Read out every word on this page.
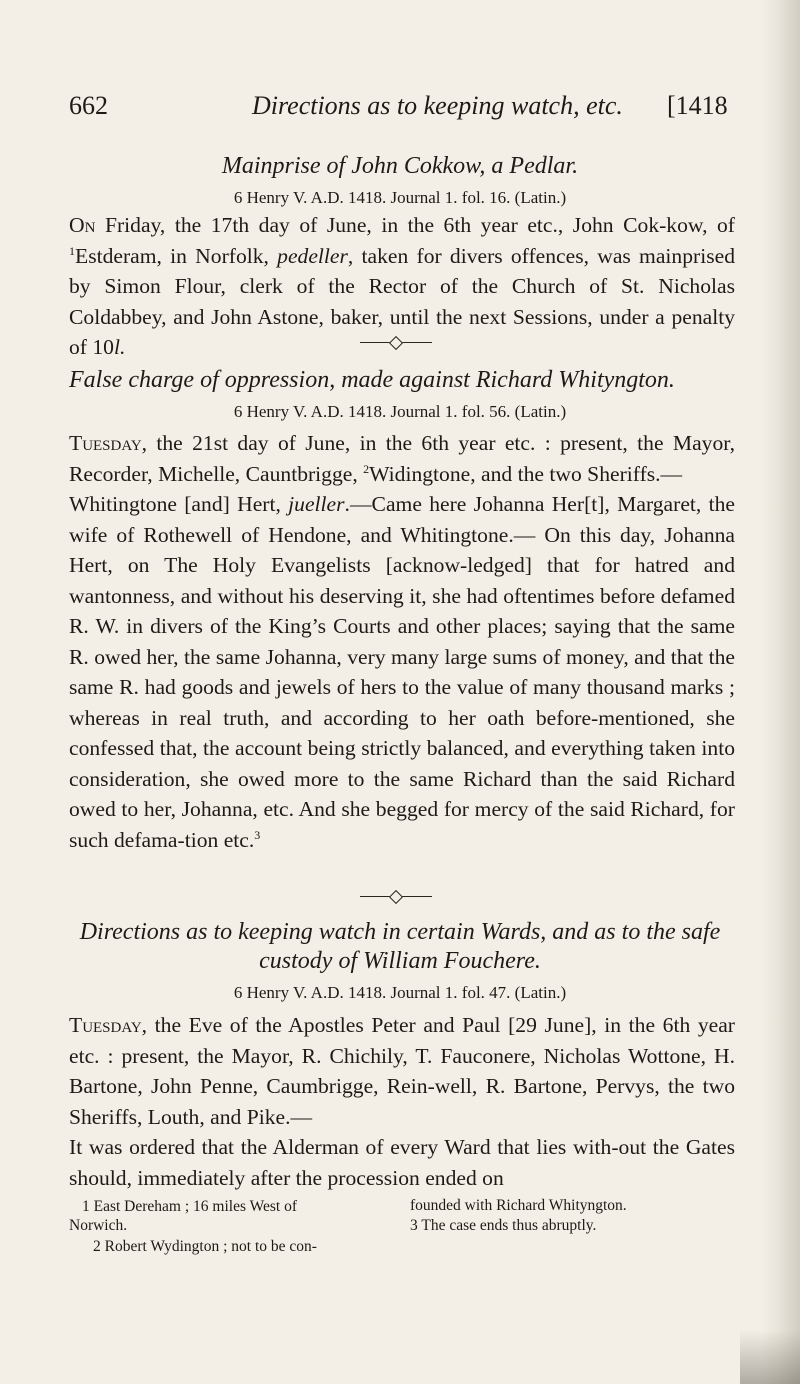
662	Directions as to keeping watch, etc. [1418
Mainprise of John Cokkow, a Pedlar.
6 Henry V. A.D. 1418. Journal 1. fol. 16. (Latin.)

On Friday, the 17th day of June, in the 6th year etc., John Cok-kow, of $^1$Estderam, in Norfolk, pedeller, taken for divers offences, was mainprised by Simon Flour, clerk of the Rector of the Church of St. Nicholas Coldabbey, and John Astone, baker, until the next Sessions, under a penalty of 10l.

False charge of oppression, made against Richard Whityngton.
6 Henry V. A.D. 1418. Journal 1. fol. 56. (Latin.)

Tuesday, the 21st day of June, in the 6th year etc. : present, the Mayor, Recorder, Michelle, Cauntbrigge, $^2$Widingtone, and the two Sheriffs.—

Whitingtone [and] Hert, jueller.—Came here Johanna Her[t], Margaret, the wife of Rothewell of Hendone, and Whitingtone.— On this day, Johanna Hert, on The Holy Evangelists [acknow-ledged] that for hatred and wantonness, and without his deserving it, she had oftentimes before defamed R. W. in divers of the King’s Courts and other places; saying that the same R. owed her, the same Johanna, very many large sums of money, and that the same R. had goods and jewels of hers to the value of many thousand marks ; whereas in real truth, and according to her oath before-mentioned, she confessed that, the account being strictly balanced, and everything taken into consideration, she owed more to the same Richard than the said Richard owed to her, Johanna, etc. And she begged for mercy of the said Richard, for such defama-tion etc.$^3$

Directions as to keeping watch in certain Wards, and as to the safe
custody of William Fouchere.
6 Henry V. A.D. 1418. Journal 1. fol. 47. (Latin.)

Tuesday, the Eve of the Apostles Peter and Paul [29 June], in the 6th year etc. : present, the Mayor, R. Chichily, T. Fauconere, Nicholas Wottone, H. Bartone, John Penne, Caumbrigge, Rein-well, R. Bartone, Pervys, the two Sheriffs, Louth, and Pike.—

It was ordered that the Alderman of every Ward that lies with-out the Gates should, immediately after the procession ended on

1 East Dereham ; 16 miles West of
2 Robert Wydington ; not to be con-
founded with Richard Whityngton.
3 The case ends thus abruptly.
Norwich.
